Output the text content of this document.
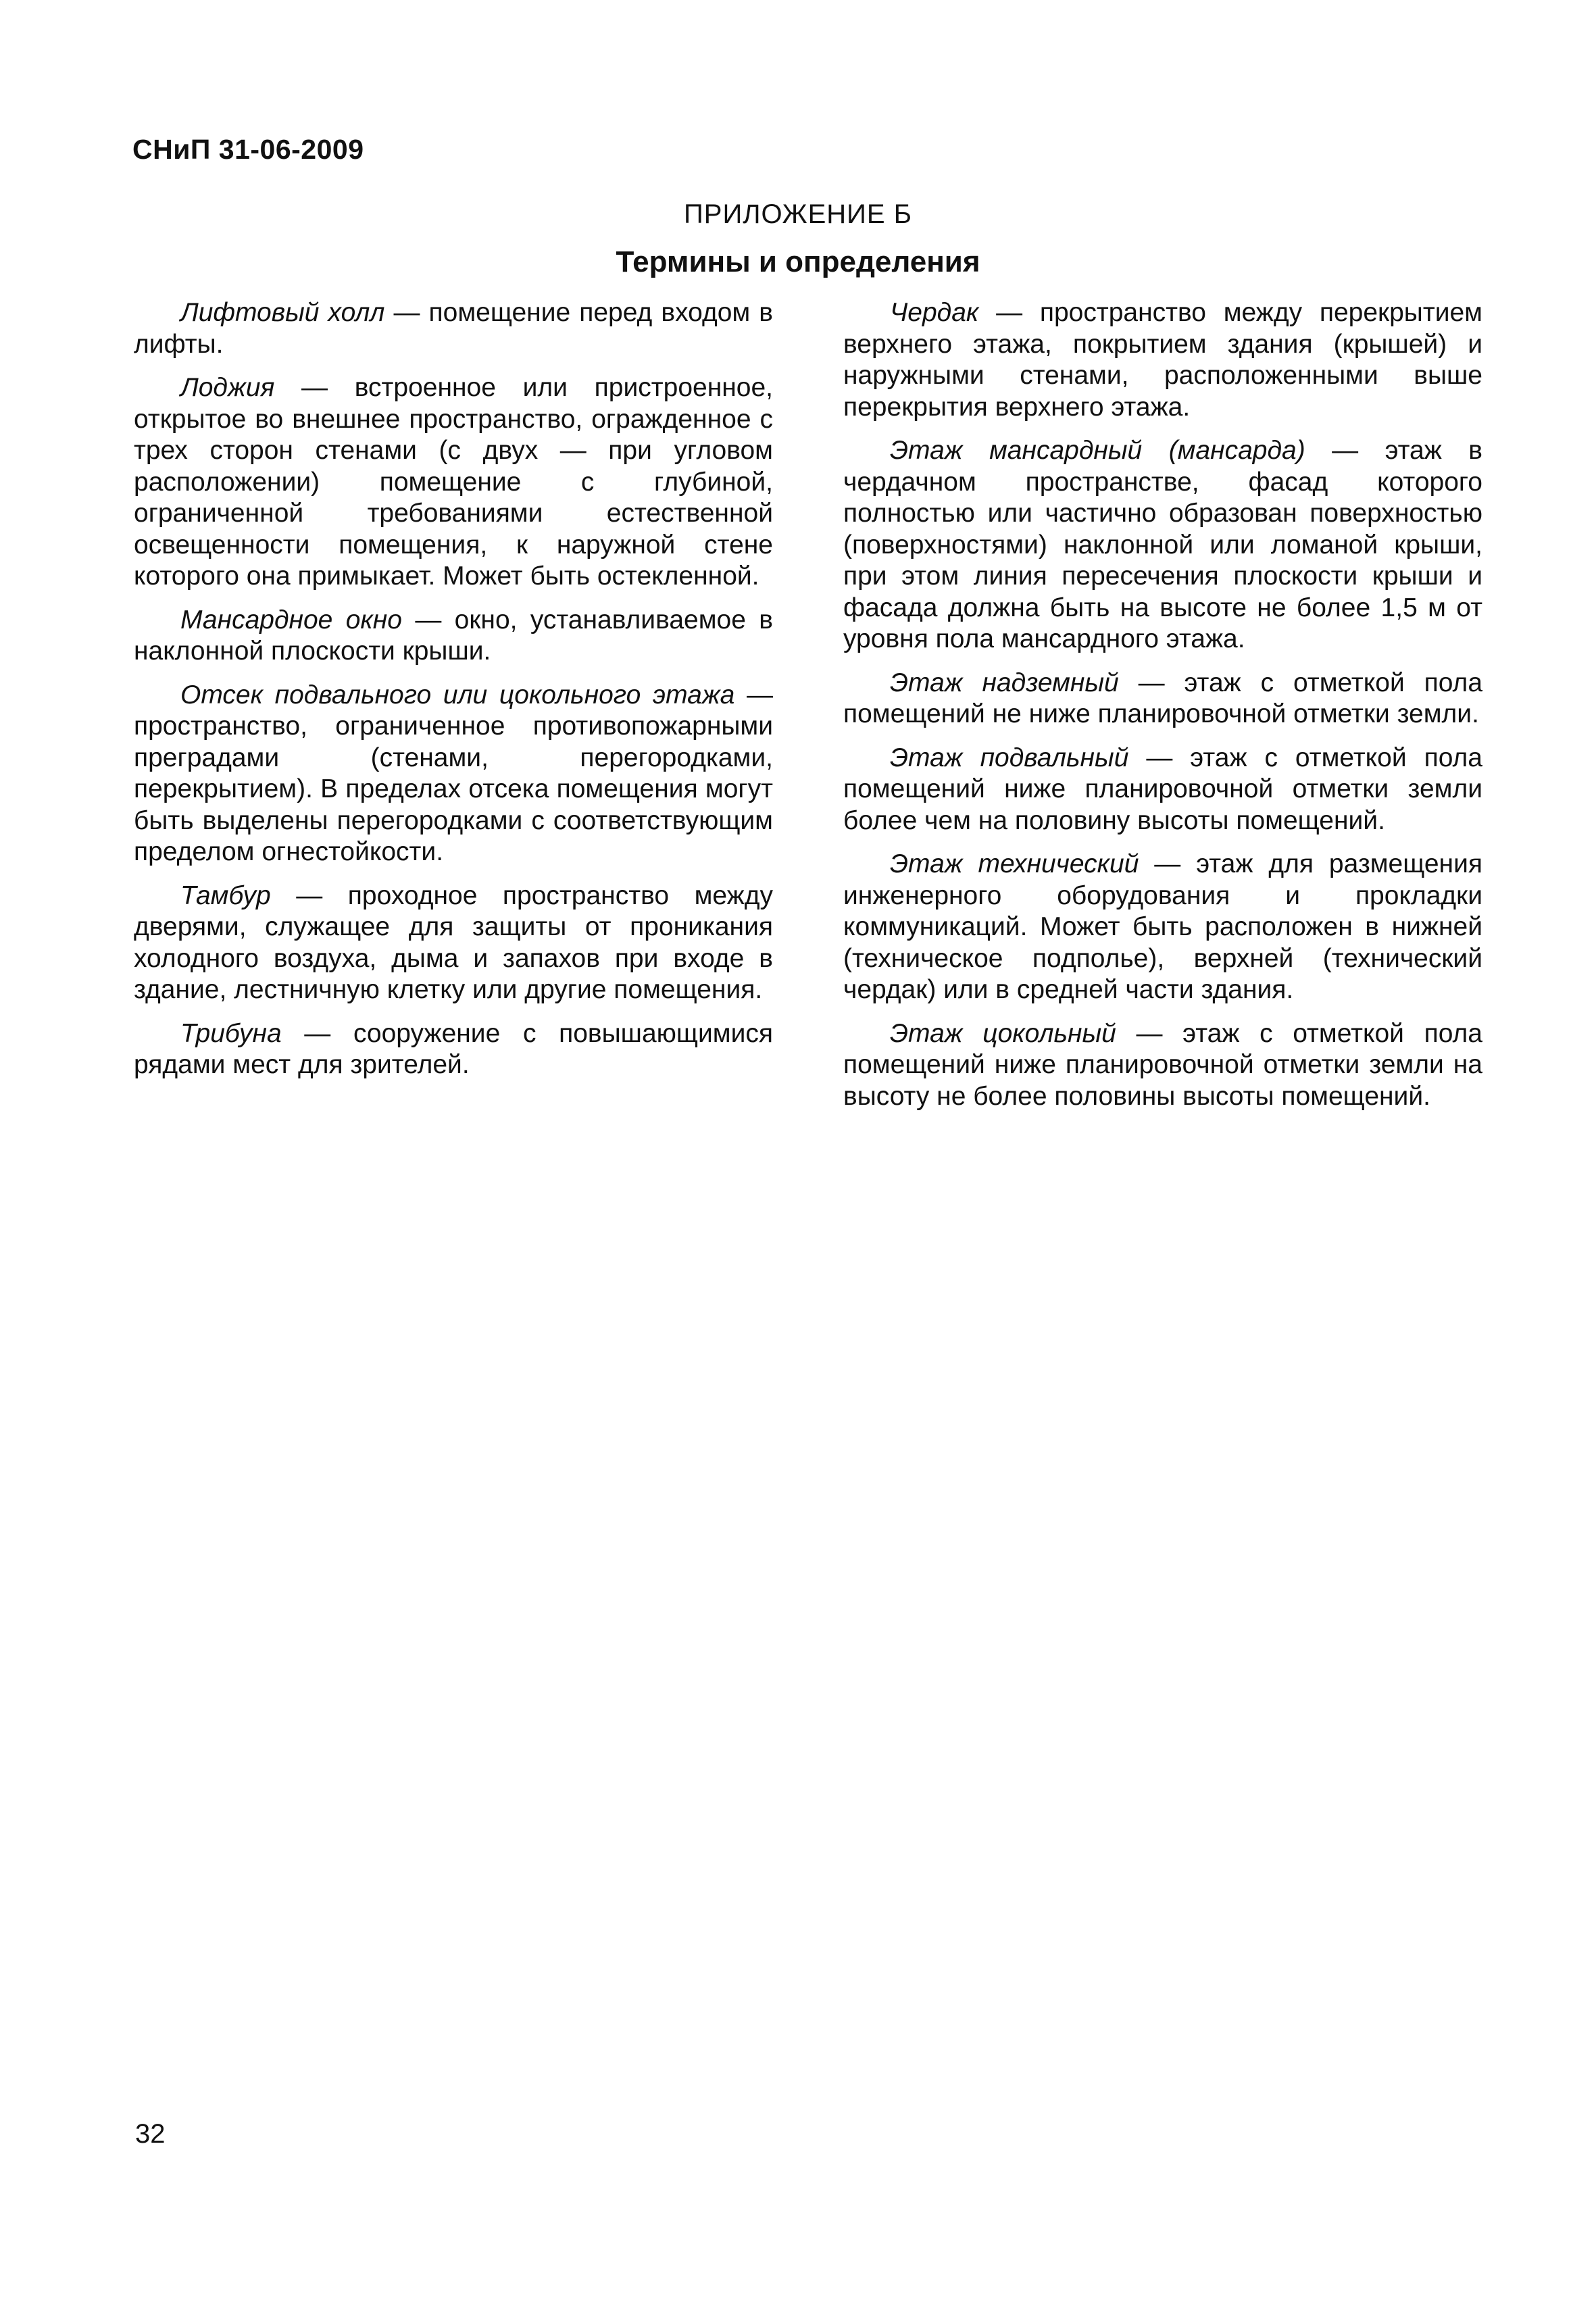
СНиП 31-06-2009
ПРИЛОЖЕНИЕ Б
Термины и определения

Лифтовый холл — помещение перед входом в лифты.

Лоджия — встроенное или пристроенное, открытое во внешнее пространство, огражденное с трех сторон стенами (с двух — при угловом расположении) помещение с глубиной, ограниченной требованиями естественной освещенности помещения, к наружной стене которого она примыкает. Может быть остекленной.

Мансардное окно — окно, устанавливаемое в наклонной плоскости крыши.

Отсек подвального или цокольного этажа — пространство, ограниченное противопожарными преградами (стенами, перегородками, перекрытием). В пределах отсека помещения могут быть выделены перегородками с соответствующим пределом огнестойкости.

Тамбур — проходное пространство между дверями, служащее для защиты от проникания холодного воздуха, дыма и запахов при входе в здание, лестничную клетку или другие помещения.

Трибуна — сооружение с повышающимися рядами мест для зрителей.

Чердак — пространство между перекрытием верхнего этажа, покрытием здания (крышей) и наружными стенами, расположенными выше перекрытия верхнего этажа.

Этаж мансардный (мансарда) — этаж в чердачном пространстве, фасад которого полностью или частично образован поверхностью (поверхностями) наклонной или ломаной крыши, при этом линия пересечения плоскости крыши и фасада должна быть на высоте не более 1,5 м от уровня пола мансардного этажа.

Этаж надземный — этаж с отметкой пола помещений не ниже планировочной отметки земли.

Этаж подвальный — этаж с отметкой пола помещений ниже планировочной отметки земли более чем на половину высоты помещений.

Этаж технический — этаж для размещения инженерного оборудования и прокладки коммуникаций. Может быть расположен в нижней (техническое подполье), верхней (технический чердак) или в средней части здания.

Этаж цокольный — этаж с отметкой пола помещений ниже планировочной отметки земли на высоту не более половины высоты помещений.

32
